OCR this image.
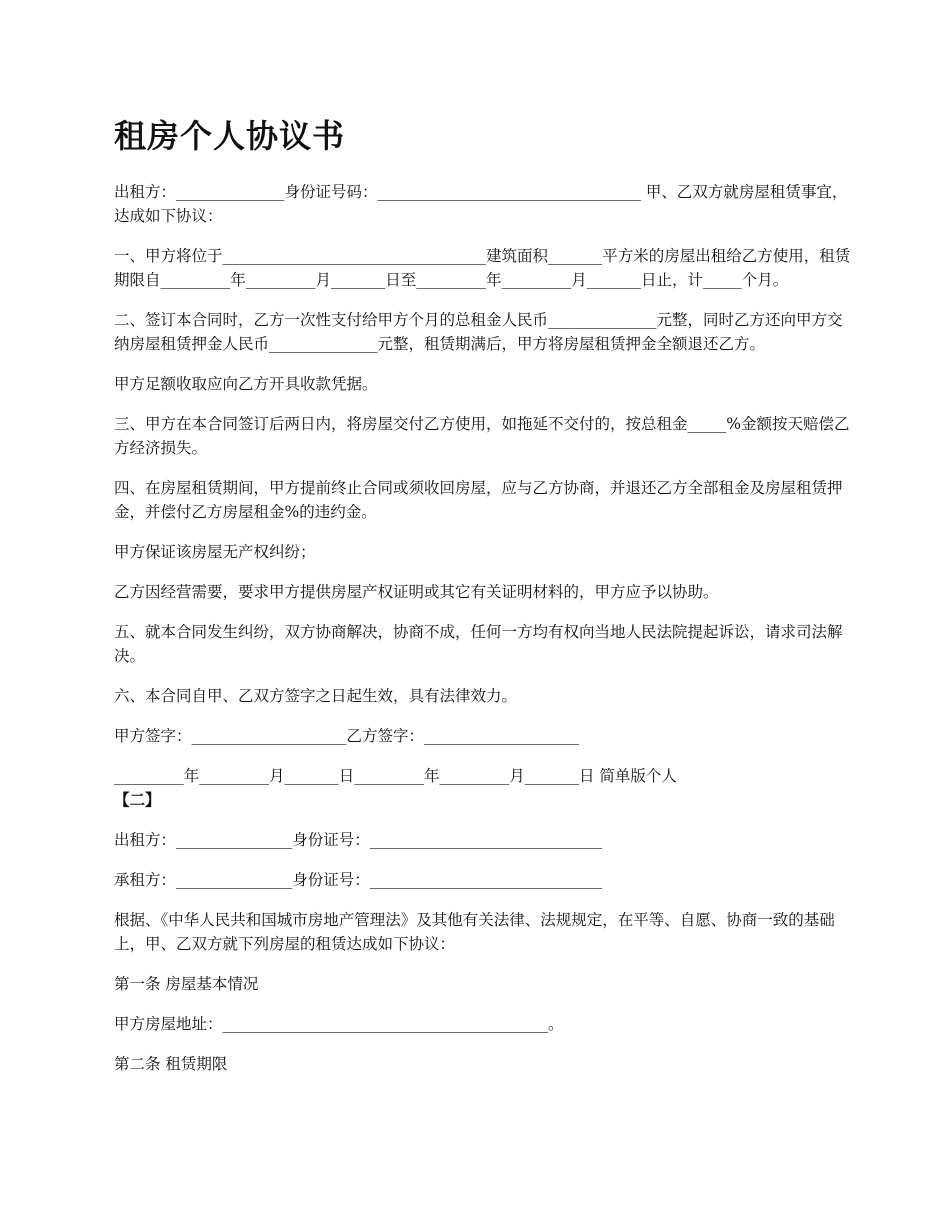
租房个人协议书

出租方：______________身份证号码：__________________________________ 甲、乙双方就房屋租赁事宜，达成如下协议：

一、甲方将位于__________________________________建筑面积_______平方米的房屋出租给乙方使用，租赁期限自_________年_________月_______日至_________年_________月_______日止，计_____个月。

二、签订本合同时，乙方一次性支付给甲方个月的总租金人民币______________元整，同时乙方还向甲方交纳房屋租赁押金人民币______________元整，租赁期满后，甲方将房屋租赁押金全额退还乙方。

甲方足额收取应向乙方开具收款凭据。

三、甲方在本合同签订后两日内，将房屋交付乙方使用，如拖延不交付的，按总租金_____%金额按天赔偿乙方经济损失。

四、在房屋租赁期间，甲方提前终止合同或须收回房屋，应与乙方协商，并退还乙方全部租金及房屋租赁押金，并偿付乙方房屋租金%的违约金。

甲方保证该房屋无产权纠纷；

乙方因经营需要，要求甲方提供房屋产权证明或其它有关证明材料的，甲方应予以协助。

五、就本合同发生纠纷，双方协商解决，协商不成，任何一方均有权向当地人民法院提起诉讼，请求司法解决。

六、本合同自甲、乙双方签字之日起生效，具有法律效力。

甲方签字：____________________乙方签字：____________________

_________年_________月_______日_________年_________月_______日 简单版个人

【二】

出租方：_______________身份证号：______________________________

承租方：_______________身份证号：______________________________

根据、《中华人民共和国城市房地产管理法》及其他有关法律、法规规定，在平等、自愿、协商一致的基础上，甲、乙双方就下列房屋的租赁达成如下协议：

第一条 房屋基本情况

甲方房屋地址：__________________________________________。

第二条 租赁期限
